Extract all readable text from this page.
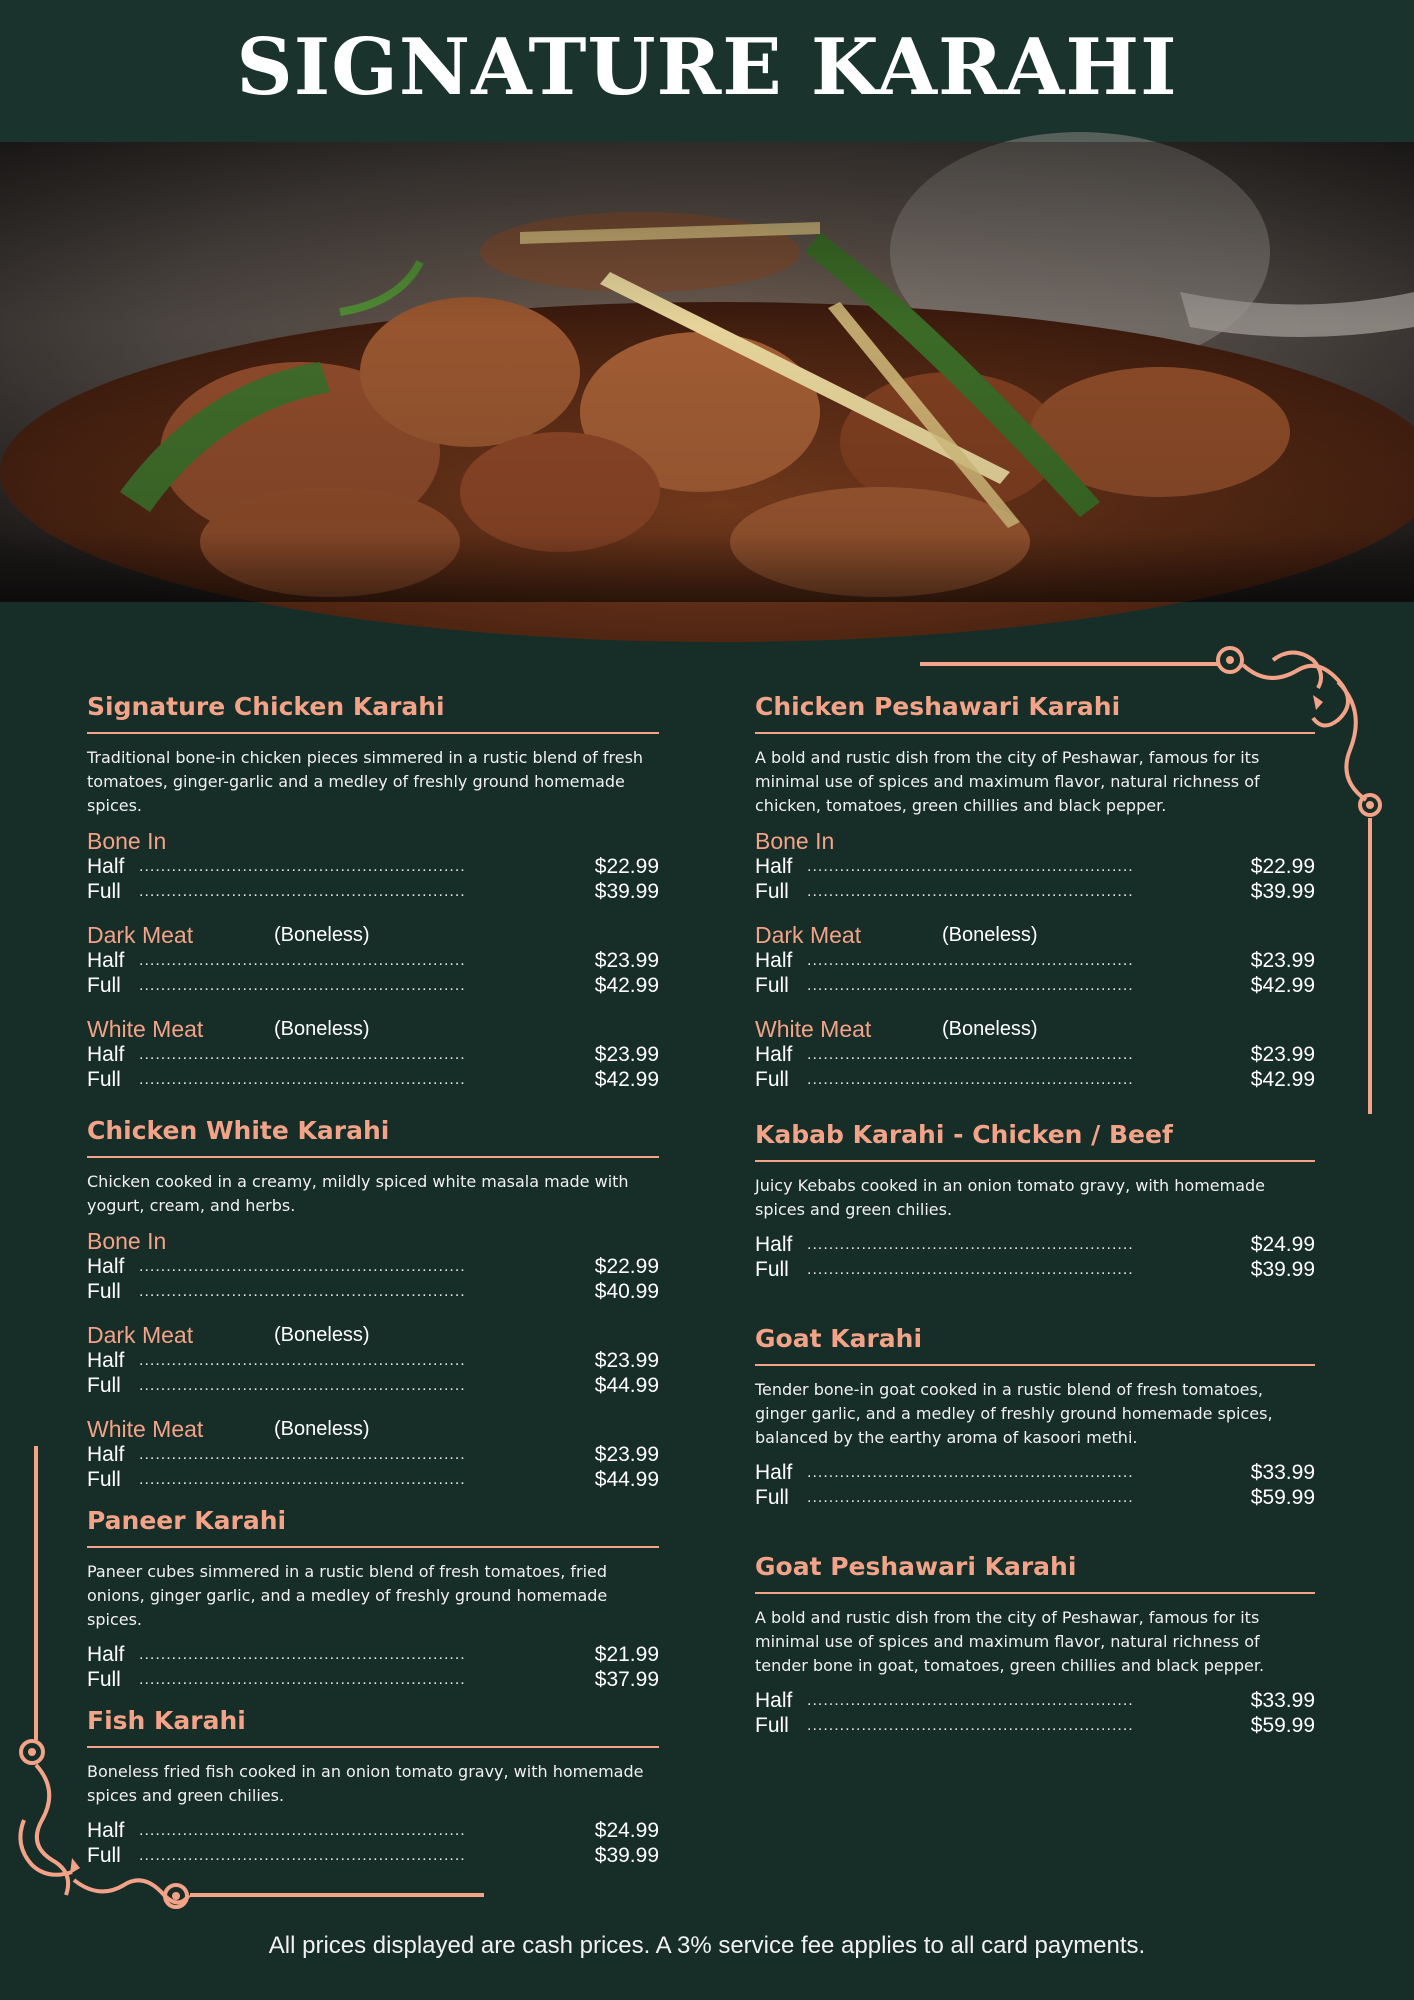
SIGNATURE KARAHI
Signature Chicken Karahi

Traditional bone-in chicken pieces simmered in a rustic blend of fresh tomatoes, ginger-garlic and a medley of freshly ground homemade spices.

Bone In
Half ............................................................	$22.99
Full ............................................................	$39.99
Dark Meat	(Boneless)
Half ............................................................	$23.99
Full ............................................................	$42.99
White Meat	(Boneless)
Half ............................................................	$23.99
Full ............................................................	$42.99
Chicken White Karahi

Chicken cooked in a creamy, mildly spiced white masala made with yogurt, cream, and herbs.

Bone In
Half ............................................................	$22.99
Full ............................................................	$40.99
Dark Meat	(Boneless)
Half ............................................................	$23.99
Full ............................................................	$44.99
White Meat	(Boneless)
Half ............................................................	$23.99
Full ............................................................	$44.99
Paneer Karahi

Paneer cubes simmered in a rustic blend of fresh tomatoes, fried onions, ginger garlic, and a medley of freshly ground homemade spices.

Half ............................................................	$21.99
Full ............................................................	$37.99
Fish Karahi

Boneless fried fish cooked in an onion tomato gravy, with homemade spices and green chilies.

Half ............................................................	$24.99
Full ............................................................	$39.99
Chicken Peshawari Karahi

A bold and rustic dish from the city of Peshawar, famous for its minimal use of spices and maximum flavor, natural richness of chicken, tomatoes, green chillies and black pepper.

Bone In
Half ............................................................	$22.99
Full ............................................................	$39.99
Dark Meat	(Boneless)
Half ............................................................	$23.99
Full ............................................................	$42.99
White Meat	(Boneless)
Half ............................................................	$23.99
Full ............................................................	$42.99
Kabab Karahi - Chicken / Beef

Juicy Kebabs cooked in an onion tomato gravy, with homemade spices and green chilies.

Half ............................................................	$24.99
Full ............................................................	$39.99
Goat Karahi

Tender bone-in goat cooked in a rustic blend of fresh tomatoes, ginger garlic, and a medley of freshly ground homemade spices, balanced by the earthy aroma of kasoori methi.

Half ............................................................	$33.99
Full ............................................................	$59.99
Goat Peshawari Karahi

A bold and rustic dish from the city of Peshawar, famous for its minimal use of spices and maximum flavor, natural richness of tender bone in goat, tomatoes, green chillies and black pepper.

Half ............................................................	$33.99
Full ............................................................	$59.99
All prices displayed are cash prices. A 3% service fee applies to all card payments.
